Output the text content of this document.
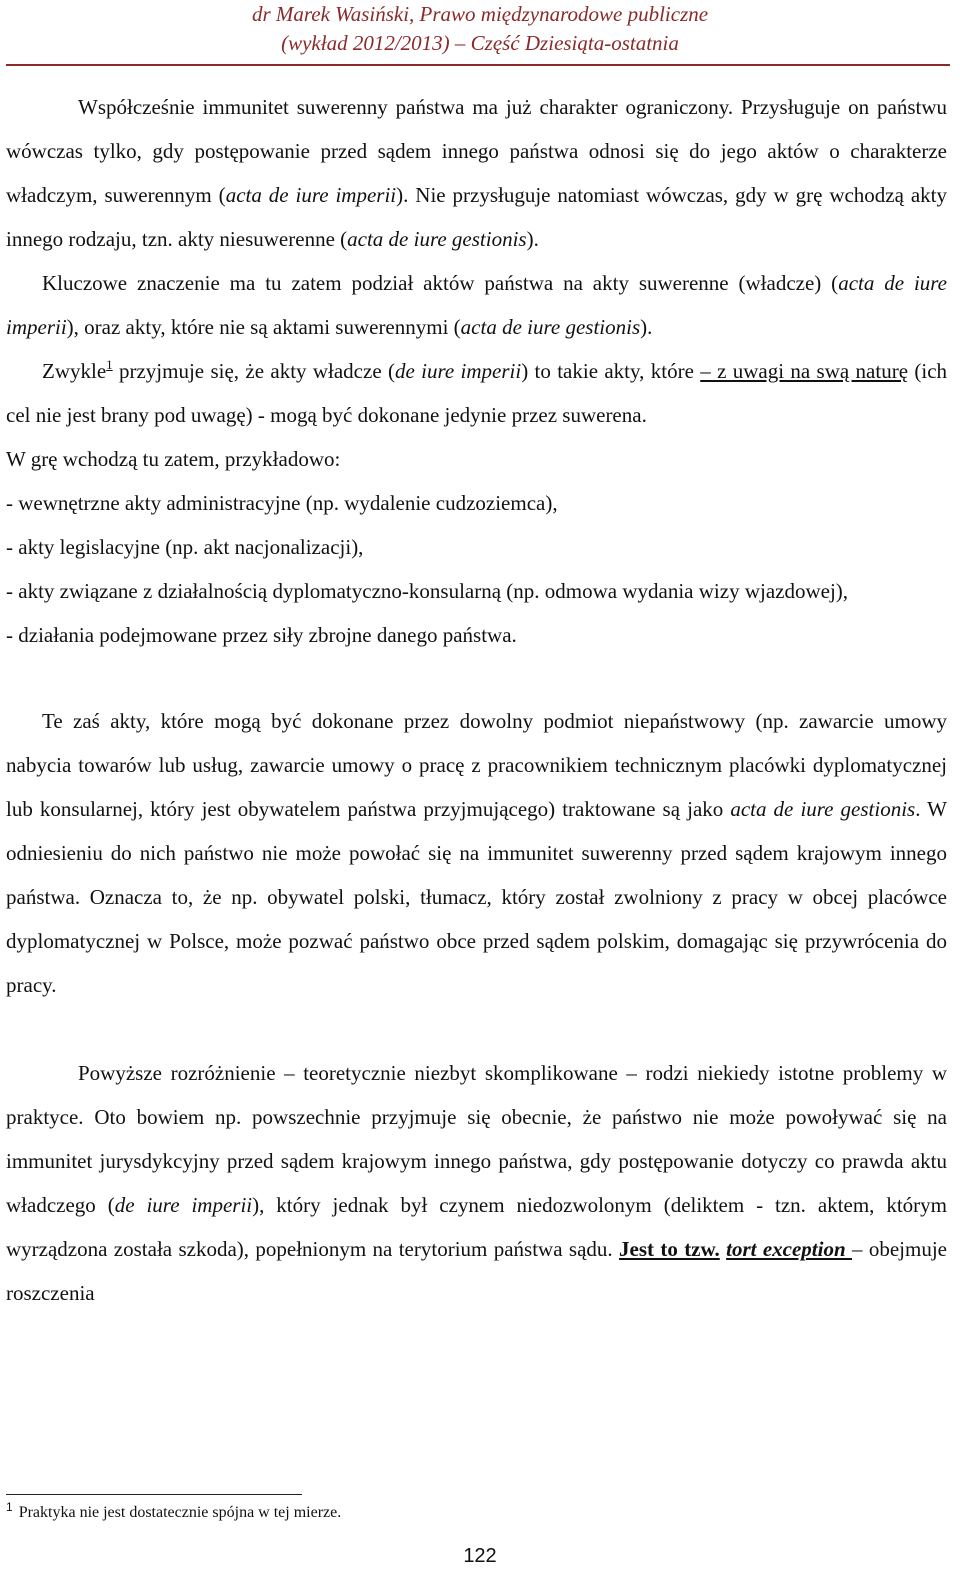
dr Marek Wasiński, Prawo międzynarodowe publiczne
(wykład 2012/2013) – Część Dziesiąta-ostatnia

Współcześnie immunitet suwerenny państwa ma już charakter ograniczony. Przysługuje on państwu wówczas tylko, gdy postępowanie przed sądem innego państwa odnosi się do jego aktów o charakterze władczym, suwerennym (acta de iure imperii). Nie przysługuje natomiast wówczas, gdy w grę wchodzą akty innego rodzaju, tzn. akty niesuwerenne (acta de iure gestionis).

Kluczowe znaczenie ma tu zatem podział aktów państwa na akty suwerenne (władcze) (acta de iure imperii), oraz akty, które nie są aktami suwerennymi (acta de iure gestionis).

Zwykle$^1$ przyjmuje się, że akty władcze (de iure imperii) to takie akty, które – z uwagi na swą naturę (ich cel nie jest brany pod uwagę) - mogą być dokonane jedynie przez suwerena.

W grę wchodzą tu zatem, przykładowo:

- wewnętrzne akty administracyjne (np. wydalenie cudzoziemca),

- akty legislacyjne (np. akt nacjonalizacji),

- akty związane z działalnością dyplomatyczno-konsularną (np. odmowa wydania wizy wjazdowej),

- działania podejmowane przez siły zbrojne danego państwa.

Te zaś akty, które mogą być dokonane przez dowolny podmiot niepaństwowy (np. zawarcie umowy nabycia towarów lub usług, zawarcie umowy o pracę z pracownikiem technicznym placówki dyplomatycznej lub konsularnej, który jest obywatelem państwa przyjmującego) traktowane są jako acta de iure gestionis. W odniesieniu do nich państwo nie może powołać się na immunitet suwerenny przed sądem krajowym innego państwa. Oznacza to, że np. obywatel polski, tłumacz, który został zwolniony z pracy w obcej placówce dyplomatycznej w Polsce, może pozwać państwo obce przed sądem polskim, domagając się przywrócenia do pracy.

Powyższe rozróżnienie – teoretycznie niezbyt skomplikowane – rodzi niekiedy istotne problemy w praktyce. Oto bowiem np. powszechnie przyjmuje się obecnie, że państwo nie może powoływać się na immunitet jurysdykcyjny przed sądem krajowym innego państwa, gdy postępowanie dotyczy co prawda aktu władczego (de iure imperii), który jednak był czynem niedozwolonym (deliktem - tzn. aktem, którym wyrządzona została szkoda), popełnionym na terytorium państwa sądu. Jest to tzw. tort exception – obejmuje roszczenia

$^1$ Praktyka nie jest dostatecznie spójna w tej mierze.
122
